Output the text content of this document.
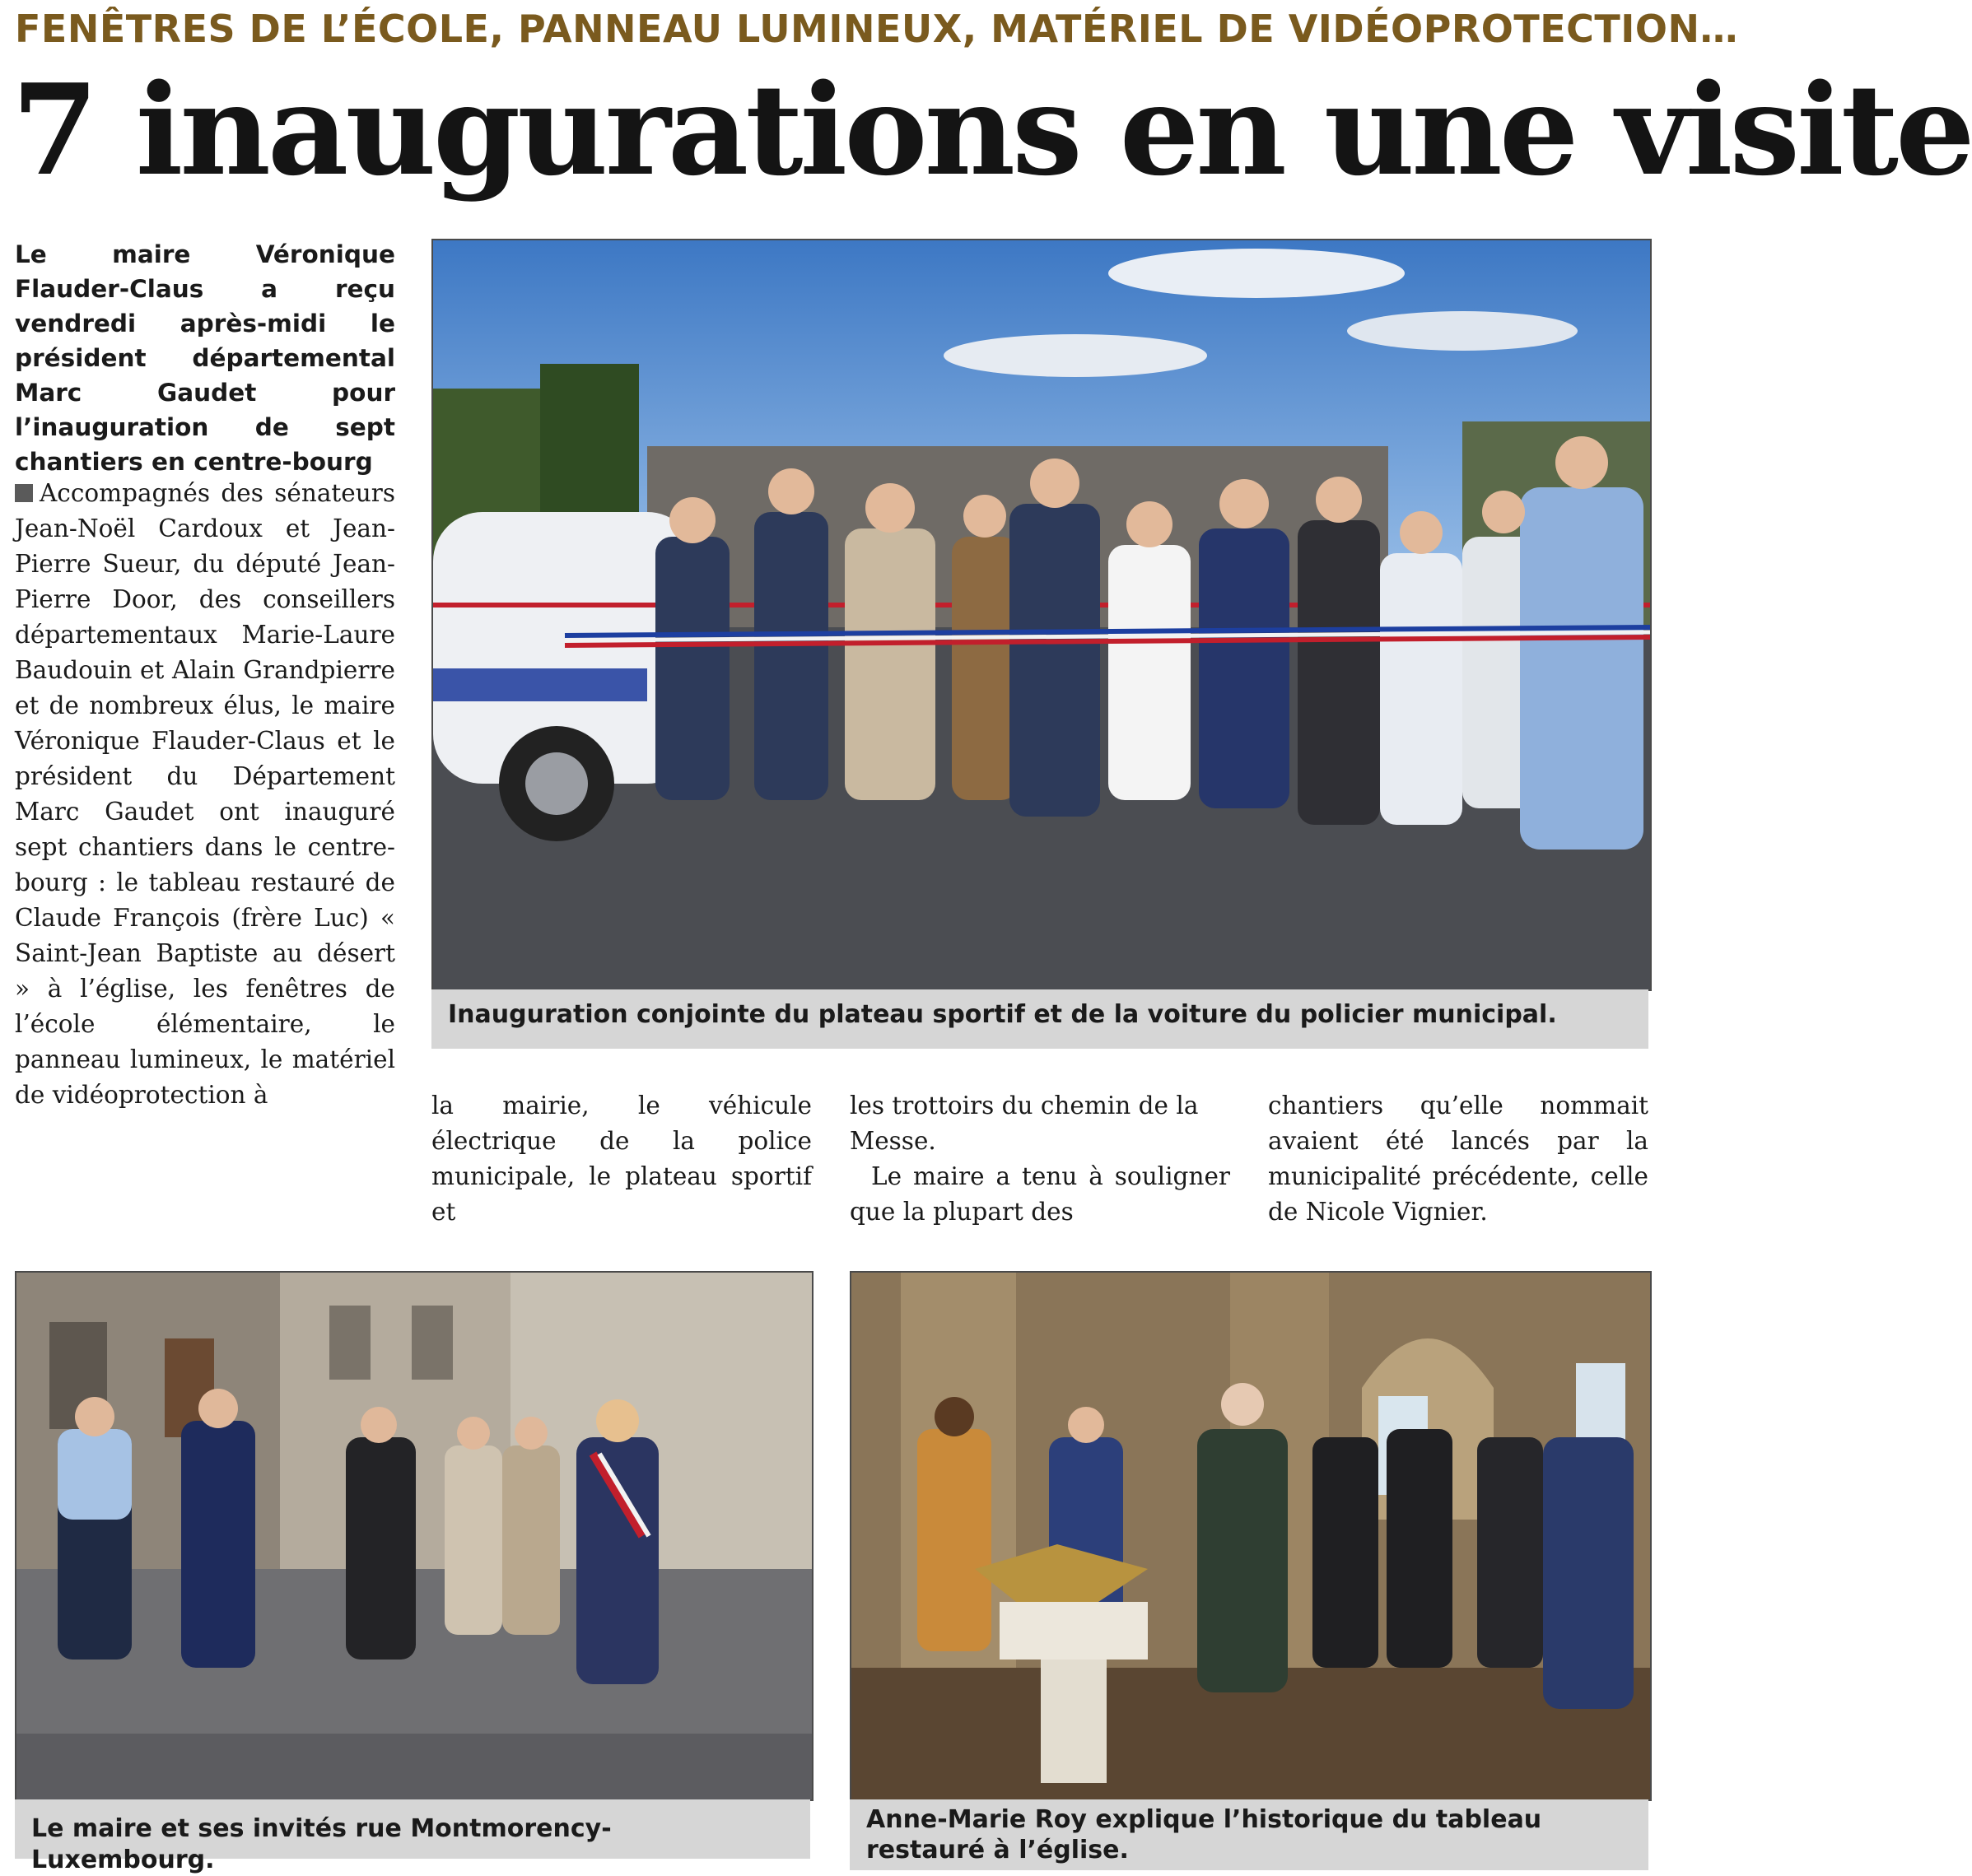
FENÊTRES DE L’ÉCOLE, PANNEAU LUMINEUX, MATÉRIEL DE VIDÉOPROTECTION…
7 inaugurations en une visite
Le maire Véronique Flauder-Claus a reçu vendredi après-midi le président départemental Marc Gaudet pour l’inauguration de sept chantiers en centre-bourg
Accompagnés des sénateurs Jean-Noël Cardoux et Jean-Pierre Sueur, du député Jean-Pierre Door, des conseillers départementaux Marie-Laure Baudouin et Alain Grandpierre et de nombreux élus, le maire Véronique Flauder-Claus et le président du Département Marc Gaudet ont inauguré sept chantiers dans le centre-bourg : le tableau restauré de Claude François (frère Luc) « Saint-Jean Baptiste au désert » à l’église, les fenêtres de l’école élémentaire, le panneau lumineux, le matériel de vidéoprotection à	la mairie, le véhicule électrique de la police municipale, le plateau sportif et
les trottoirs du chemin de la Messe.
Le maire a tenu à souligner que la plupart des
chantiers qu’elle nommait avaient été lancés par la municipalité précédente, celle de Nicole Vignier.
Inauguration conjointe du plateau sportif et de la voiture du policier municipal.
Le maire et ses invités rue Montmorency-Luxembourg.
Anne-Marie Roy explique l’historique du tableau restauré à l’église.
